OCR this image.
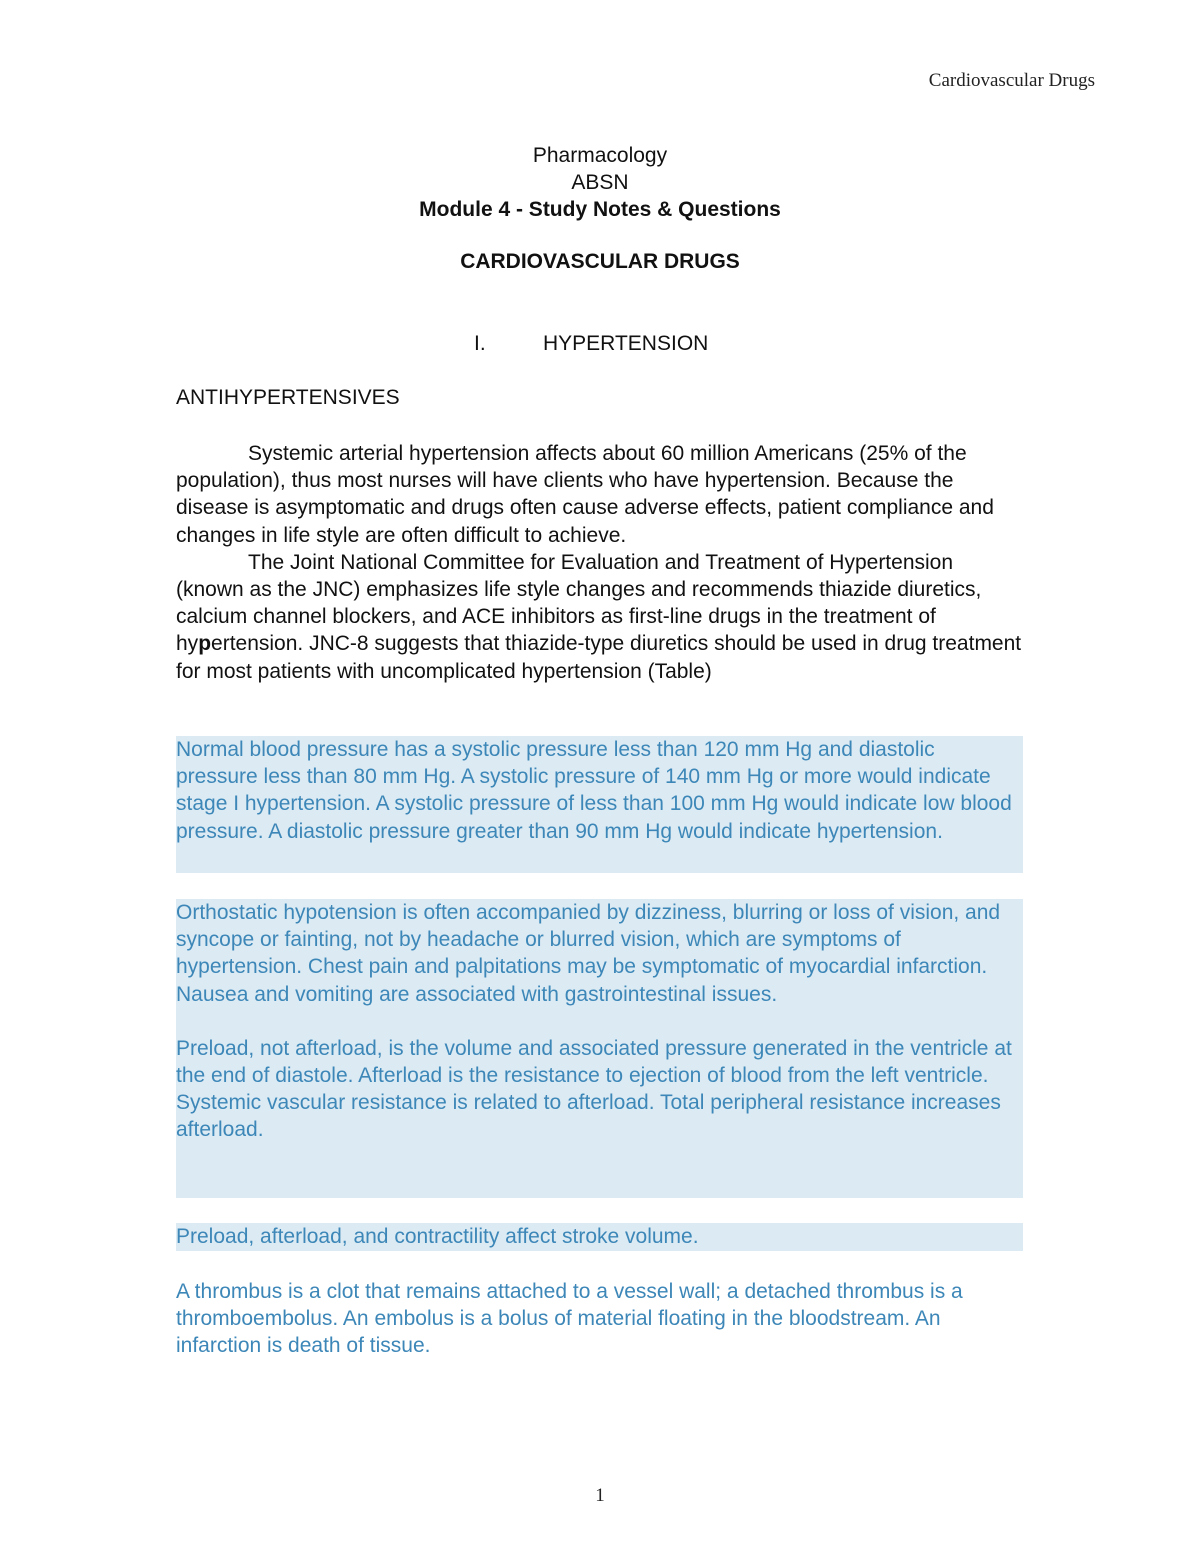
Cardiovascular Drugs
Pharmacology
ABSN
Module 4 - Study Notes & Questions
CARDIOVASCULAR DRUGS
I.	HYPERTENSION
ANTIHYPERTENSIVES

Systemic arterial hypertension affects about 60 million Americans (25% of the population), thus most nurses will have clients who have hypertension. Because the disease is asymptomatic and drugs often cause adverse effects, patient compliance and changes in life style are often difficult to achieve.

The Joint National Committee for Evaluation and Treatment of Hypertension (known as the JNC) emphasizes life style changes and recommends thiazide diuretics, calcium channel blockers, and ACE inhibitors as first-line drugs in the treatment of hypertension. JNC-8 suggests that thiazide-type diuretics should be used in drug treatment for most patients with uncomplicated hypertension (Table)

Normal blood pressure has a systolic pressure less than 120 mm Hg and diastolic pressure less than 80 mm Hg. A systolic pressure of 140 mm Hg or more would indicate stage I hypertension. A systolic pressure of less than 100 mm Hg would indicate low blood pressure. A diastolic pressure greater than 90 mm Hg would indicate hypertension.

Orthostatic hypotension is often accompanied by dizziness, blurring or loss of vision, and syncope or fainting, not by headache or blurred vision, which are symptoms of hypertension. Chest pain and palpitations may be symptomatic of myocardial infarction. Nausea and vomiting are associated with gastrointestinal issues.

Preload, not afterload, is the volume and associated pressure generated in the ventricle at the end of diastole. Afterload is the resistance to ejection of blood from the left ventricle.

Systemic vascular resistance is related to afterload. Total peripheral resistance increases afterload.

Preload, afterload, and contractility affect stroke volume.

A thrombus is a clot that remains attached to a vessel wall; a detached thrombus is a thromboembolus. An embolus is a bolus of material floating in the bloodstream. An infarction is death of tissue.

1
